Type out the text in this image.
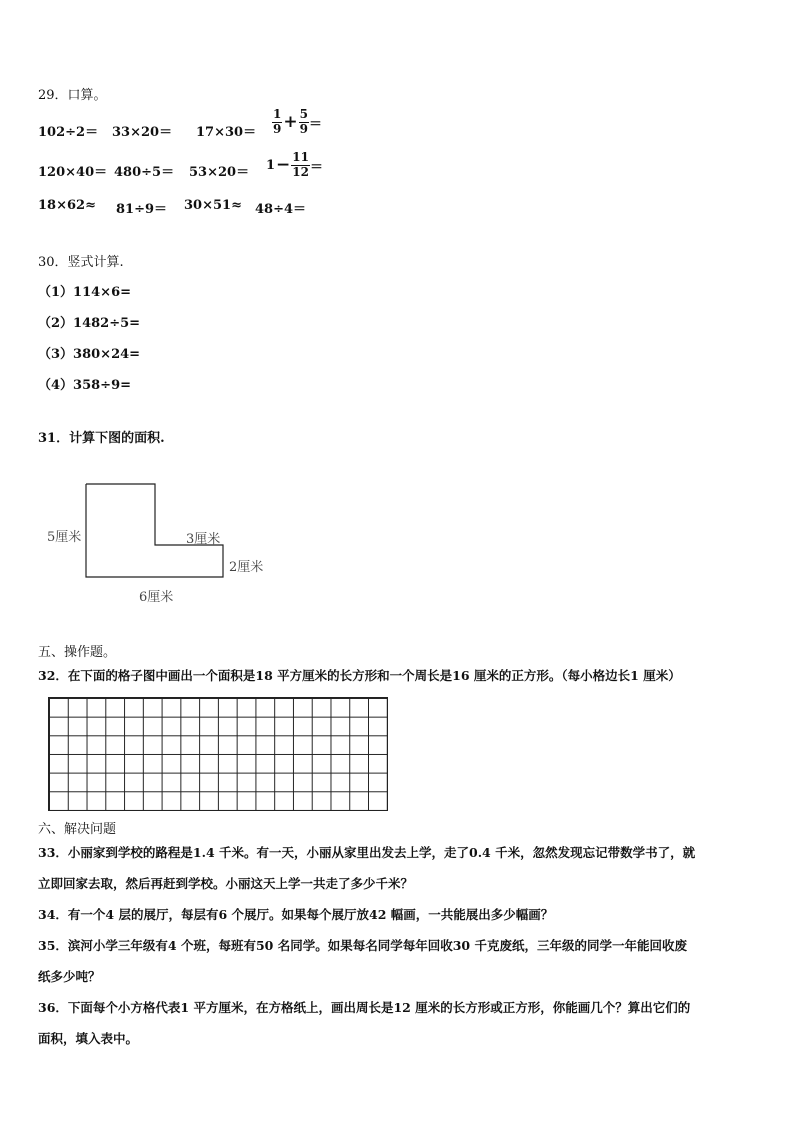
29．口算。
$102\div 2= 33\times 20= 17\times 30= \frac{1}{9} + \frac{5}{9}$ ＝
$120\times 40= 480\div 5= 53\times 20= 1- \frac{11}{12}$ ＝
18×62≈ 81÷9＝ 30×51≈ 48÷4＝
30．竖式计算.
（1）114×6=
（2）1482÷5=
（3）380×24=
（4）358÷9=
31．计算下图的面积.
5厘米	3厘米
2厘米
6厘米
五、操作题。
32．在下面的格子图中画出一个面积是18 平方厘米的长方形和一个周长是16 厘米的正方形。（每小格边长1 厘米）
六、解决问题
33．小丽家到学校的路程是1.4 千米。有一天，小丽从家里出发去上学，走了0.4 千米，忽然发现忘记带数学书了，就
立即回家去取，然后再赶到学校。小丽这天上学一共走了多少千米？
34．有一个4 层的展厅，每层有6 个展厅。如果每个展厅放42 幅画，一共能展出多少幅画？
35．滨河小学三年级有4 个班，每班有50 名同学。如果每名同学每年回收30 千克废纸，三年级的同学一年能回收废
纸多少吨？
36．下面每个小方格代表1 平方厘米，在方格纸上，画出周长是12 厘米的长方形或正方形，你能画几个？算出它们的
面积，填入表中。
